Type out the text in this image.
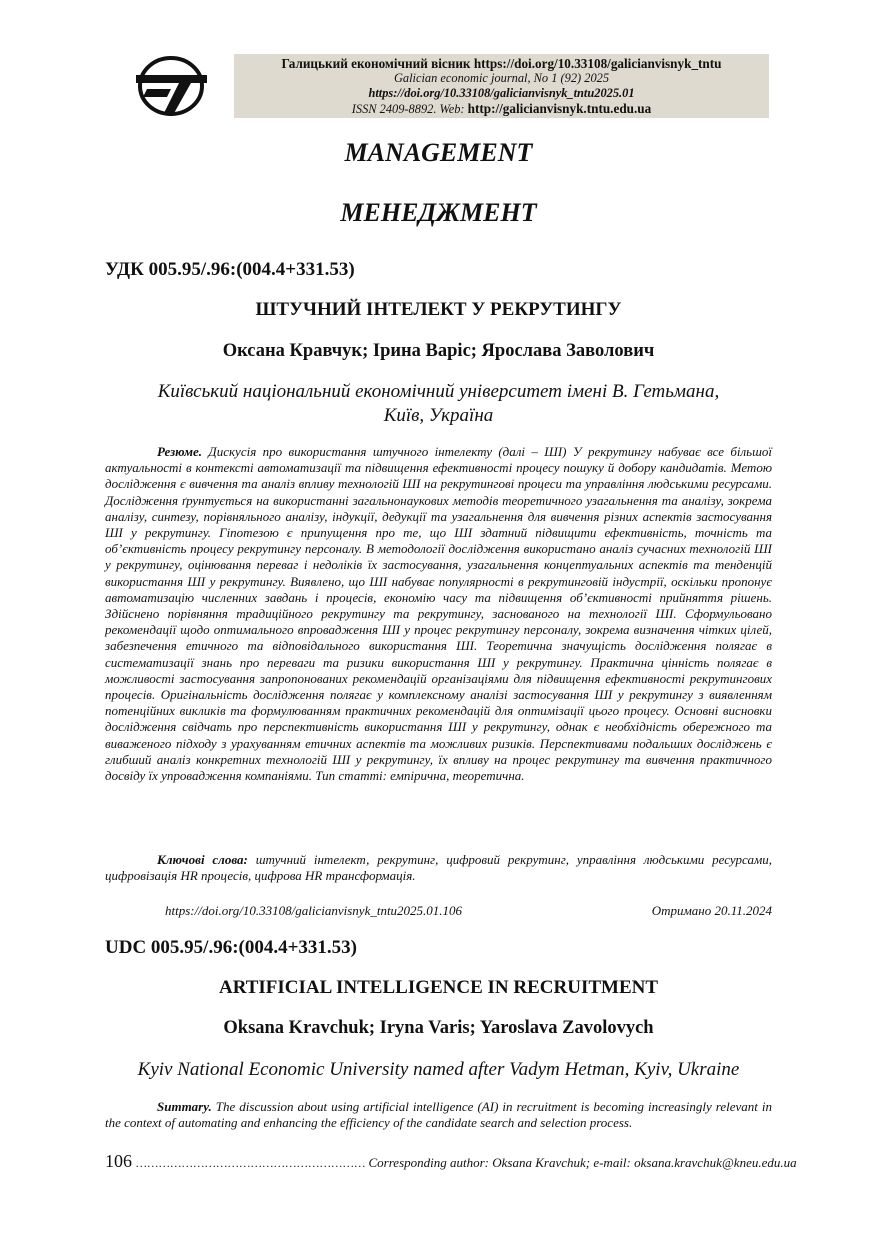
Галицький економічний вісник https://doi.org/10.33108/galicianvisnyk_tntu
Galician economic journal, No 1 (92) 2025
https://doi.org/10.33108/galicianvisnyk_tntu2025.01
ISSN 2409-8892. Web: http://galicianvisnyk.tntu.edu.ua
MANAGEMENT
МЕНЕДЖМЕНТ
УДК 005.95/.96:(004.4+331.53)
ШТУЧНИЙ ІНТЕЛЕКТ У РЕКРУТИНГУ
Оксана Кравчук; Ірина Варіс; Ярослава Заволович
Київський національний економічний університет імені В. Гетьмана,
Київ, Україна

Резюме. Дискусія про використання штучного інтелекту (далі – ШІ) У рекрутингу набуває все більшої актуальності в контексті автоматизації та підвищення ефективності процесу пошуку й добору кандидатів. Метою дослідження є вивчення та аналіз впливу технологій ШІ на рекрутингові процеси та управління людськими ресурсами. Дослідження ґрунтується на використанні загальнонаукових методів теоретичного узагальнення та аналізу, зокрема аналізу, синтезу, порівняльного аналізу, індукції, дедукції та узагальнення для вивчення різних аспектів застосування ШІ у рекрутингу. Гіпотезою є припущення про те, що ШІ здатний підвищити ефективність, точність та об’єктивність процесу рекрутингу персоналу. В методології дослідження використано аналіз сучасних технологій ШІ у рекрутингу, оцінювання переваг і недоліків їх застосування, узагальнення концептуальних аспектів та тенденцій використання ШІ у рекрутингу. Виявлено, що ШІ набуває популярності в рекрутинговій індустрії, оскільки пропонує автоматизацію численних завдань і процесів, економію часу та підвищення об’єктивності прийняття рішень. Здійснено порівняння традиційного рекрутингу та рекрутингу, заснованого на технології ШІ. Сформульовано рекомендації щодо оптимального впровадження ШІ у процес рекрутингу персоналу, зокрема визначення чітких цілей, забезпечення етичного та відповідального використання ШІ. Теоретична значущість дослідження полягає в систематизації знань про переваги та ризики використання ШІ у рекрутингу. Практична цінність полягає в можливості застосування запропонованих рекомендацій організаціями для підвищення ефективності рекрутингових процесів. Оригінальність дослідження полягає у комплексному аналізі застосування ШІ у рекрутингу з виявленням потенційних викликів та формулюванням практичних рекомендацій для оптимізації цього процесу. Основні висновки дослідження свідчать про перспективність використання ШІ у рекрутингу, однак є необхідність обережного та виваженого підходу з урахуванням етичних аспектів та можливих ризиків. Перспективами подальших досліджень є глибший аналіз конкретних технологій ШІ у рекрутингу, їх впливу на процес рекрутингу та вивчення практичного досвіду їх упровадження компаніями. Тип статті: емпірична, теоретична.

Ключові слова: штучний інтелект, рекрутинг, цифровий рекрутинг, управління людськими ресурсами, цифровізація HR процесів, цифрова HR трансформація.

https://doi.org/10.33108/galicianvisnyk_tntu2025.01.106	Отримано 20.11.2024
UDC 005.95/.96:(004.4+331.53)
ARTIFICIAL INTELLIGENCE IN RECRUITMENT
Oksana Kravchuk; Iryna Varis; Yaroslava Zavolovych
Kyiv National Economic University named after Vadym Hetman, Kyiv, Ukraine

Summary. The discussion about using artificial intelligence (AI) in recruitment is becoming increasingly relevant in the context of automating and enhancing the efficiency of the candidate search and selection process.

106 …………………………………………………… Corresponding author: Oksana Kravchuk; e-mail: oksana.kravchuk@kneu.edu.ua
